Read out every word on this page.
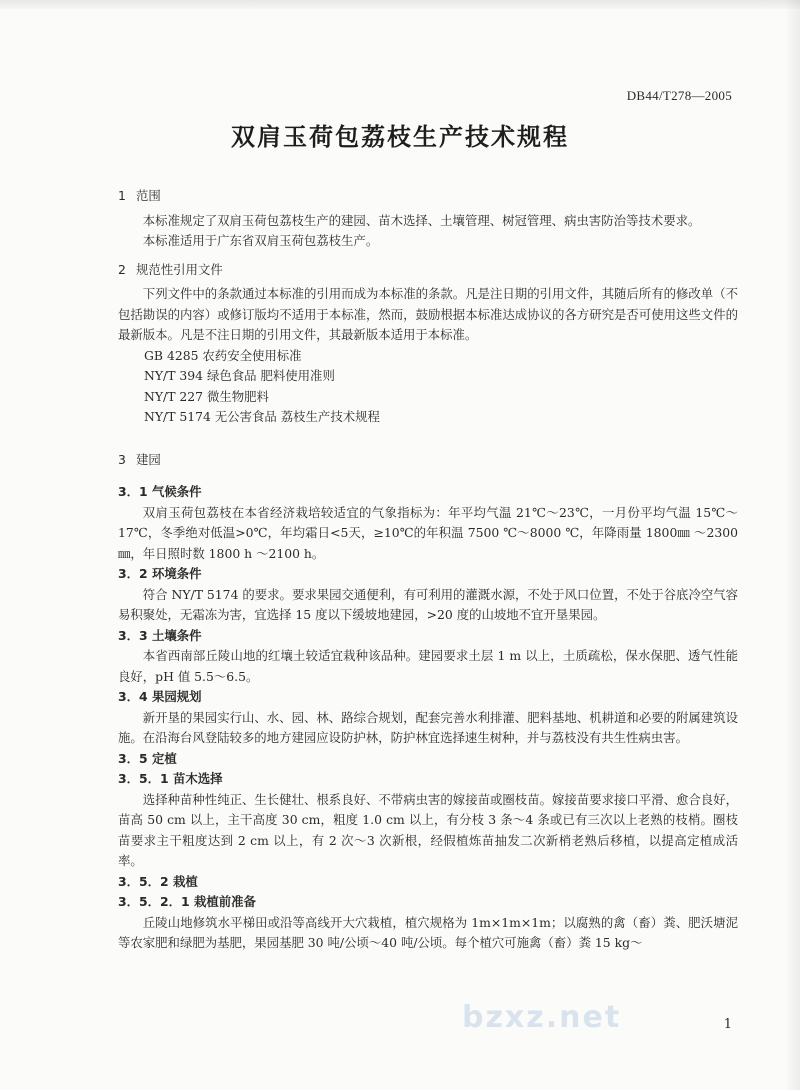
DB44/T278—2005
双肩玉荷包荔枝生产技术规程
1 范围

本标准规定了双肩玉荷包荔枝生产的建园、苗木选择、土壤管理、树冠管理、病虫害防治等技术要求。

本标准适用于广东省双肩玉荷包荔枝生产。

2 规范性引用文件

下列文件中的条款通过本标准的引用而成为本标准的条款。凡是注日期的引用文件，其随后所有的修改单（不包括勘误的内容）或修订版均不适用于本标准，然而，鼓励根据本标准达成协议的各方研究是否可使用这些文件的最新版本。凡是不注日期的引用文件，其最新版本适用于本标准。

GB 4285 农药安全使用标准

NY/T 394 绿色食品 肥料使用准则

NY/T 227 微生物肥料

NY/T 5174 无公害食品 荔枝生产技术规程

3 建园
3．1 气候条件

双肩玉荷包荔枝在本省经济栽培较适宜的气象指标为：年平均气温 21℃～23℃，一月份平均气温 15℃～17℃，冬季绝对低温>0℃，年均霜日<5天，≥10℃的年积温 7500 ℃～8000 ℃，年降雨量 1800㎜ ～2300㎜，年日照时数 1800 h ～2100 h。

3．2 环境条件

符合 NY/T 5174 的要求。要求果园交通便利，有可利用的灌溉水源，不处于风口位置，不处于谷底冷空气容易积聚处，无霜冻为害，宜选择 15 度以下缓坡地建园，>20 度的山坡地不宜开垦果园。

3．3 土壤条件

本省西南部丘陵山地的红壤土较适宜栽种该品种。建园要求土层 1 m 以上，土质疏松，保水保肥、透气性能良好，pH 值 5.5～6.5。

3．4 果园规划

新开垦的果园实行山、水、园、林、路综合规划，配套完善水利排灌、肥料基地、机耕道和必要的附属建筑设施。在沿海台风登陆较多的地方建园应设防护林，防护林宜选择速生树种，并与荔枝没有共生性病虫害。

3．5 定植
3．5．1 苗木选择

选择种苗种性纯正、生长健壮、根系良好、不带病虫害的嫁接苗或圈枝苗。嫁接苗要求接口平滑、愈合良好，苗高 50 cm 以上，主干高度 30 cm，粗度 1.0 cm 以上，有分枝 3 条～4 条或已有三次以上老熟的枝梢。圈枝苗要求主干粗度达到 2 cm 以上，有 2 次～3 次新根，经假植炼苗抽发二次新梢老熟后移植，以提高定植成活率。

3．5．2 栽植
3．5．2．1 栽植前准备

丘陵山地修筑水平梯田或沿等高线开大穴栽植，植穴规格为 1m×1m×1m；以腐熟的禽（畜）粪、肥沃塘泥等农家肥和绿肥为基肥，果园基肥 30 吨/公顷～40 吨/公顷。每个植穴可施禽（畜）粪 15 kg～

bzxz.net	1
